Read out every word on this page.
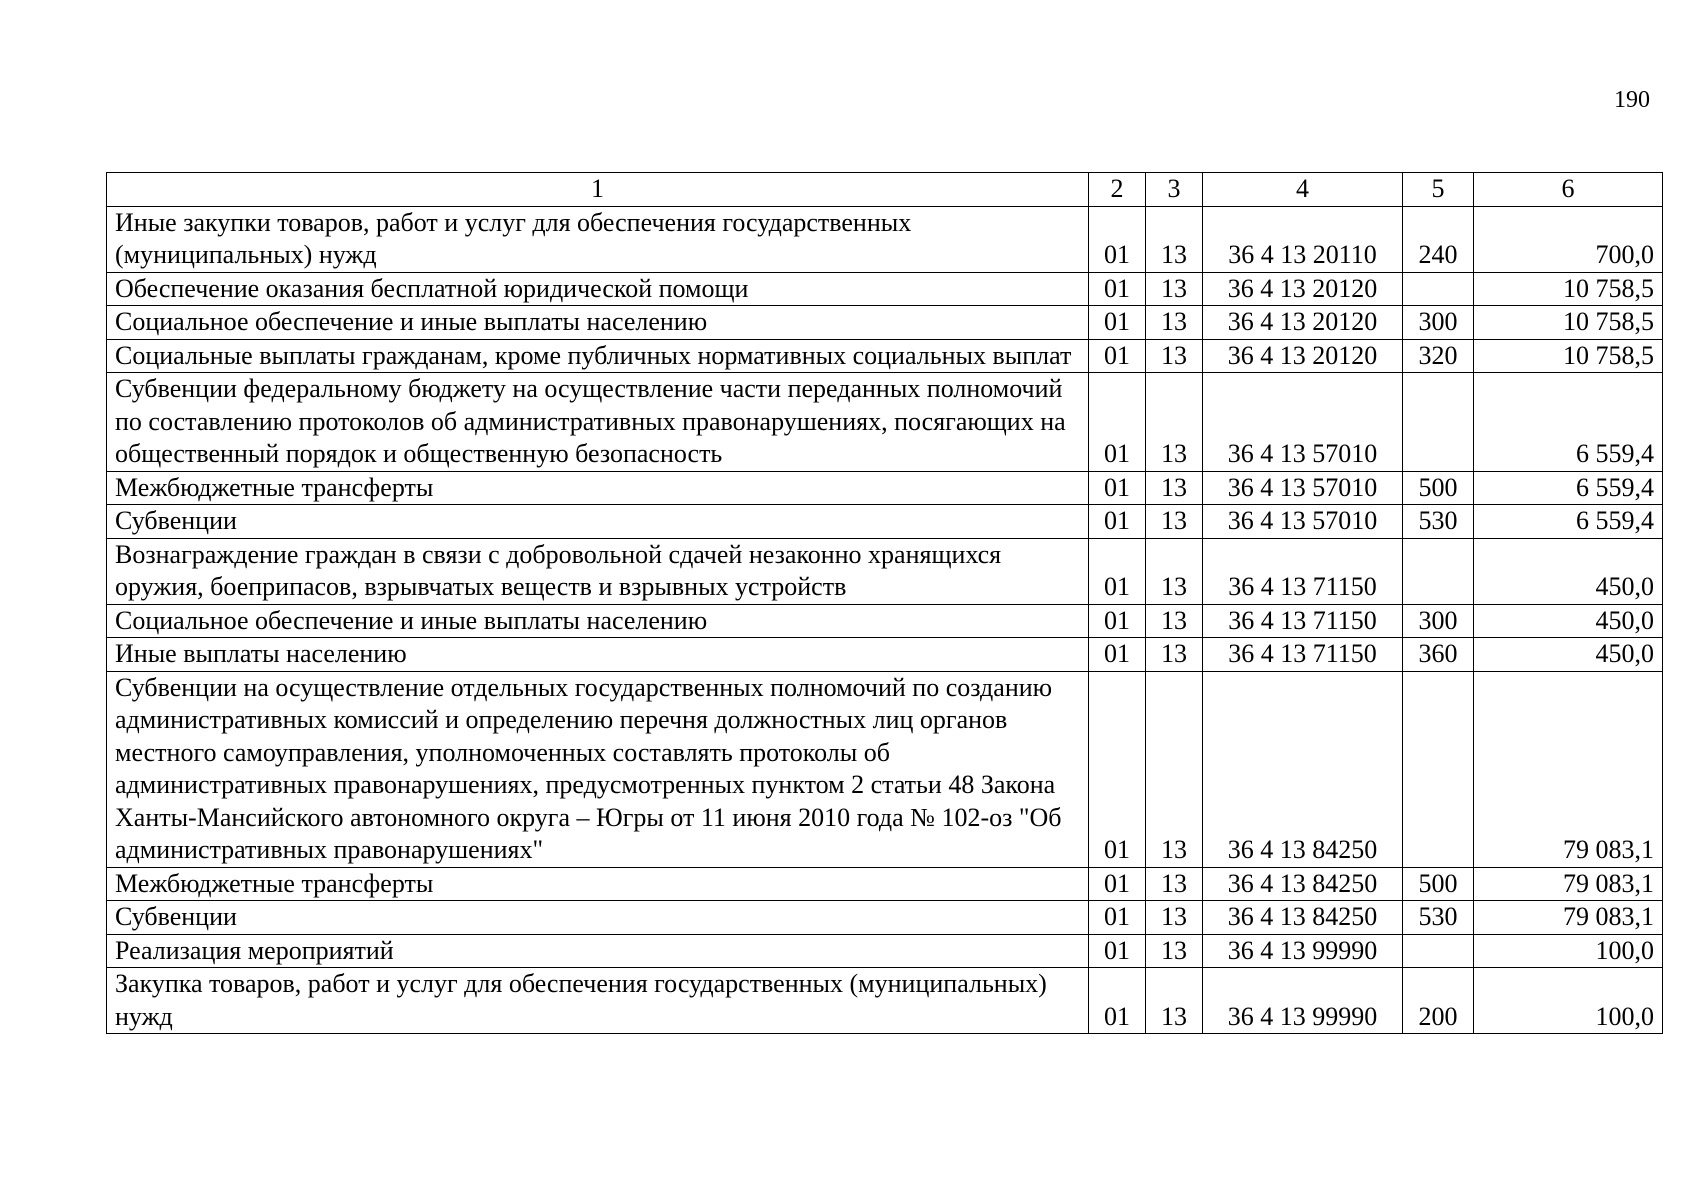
190
1	2	3	4	5	6
Иные закупки товаров, работ и услуг для обеспечения государственных (муниципальных) нужд	01	13	36 4 13 20110	240	700,0
Обеспечение оказания бесплатной юридической помощи	01	13	36 4 13 20120		10 758,5
Социальное обеспечение и иные выплаты населению	01	13	36 4 13 20120	300	10 758,5
Социальные выплаты гражданам, кроме публичных нормативных социальных выплат	01	13	36 4 13 20120	320	10 758,5
Субвенции федеральному бюджету на осуществление части переданных полномочий по составлению протоколов об административных правонарушениях, посягающих на общественный порядок и общественную безопасность	01	13	36 4 13 57010		6 559,4
Межбюджетные трансферты	01	13	36 4 13 57010	500	6 559,4
Субвенции	01	13	36 4 13 57010	530	6 559,4
Вознаграждение граждан в связи с добровольной сдачей незаконно хранящихся оружия, боеприпасов, взрывчатых веществ и взрывных устройств	01	13	36 4 13 71150		450,0
Социальное обеспечение и иные выплаты населению	01	13	36 4 13 71150	300	450,0
Иные выплаты населению	01	13	36 4 13 71150	360	450,0
Субвенции на осуществление отдельных государственных полномочий по созданию административных комиссий и определению перечня должностных лиц органов местного самоуправления, уполномоченных составлять протоколы об административных правонарушениях, предусмотренных пунктом 2 статьи 48 Закона Ханты-Мансийского автономного округа – Югры от 11 июня 2010 года № 102-оз "Об административных правонарушениях"	01	13	36 4 13 84250		79 083,1
Межбюджетные трансферты	01	13	36 4 13 84250	500	79 083,1
Субвенции	01	13	36 4 13 84250	530	79 083,1
Реализация мероприятий	01	13	36 4 13 99990		100,0
Закупка товаров, работ и услуг для обеспечения государственных (муниципальных) нужд	01	13	36 4 13 99990	200	100,0
